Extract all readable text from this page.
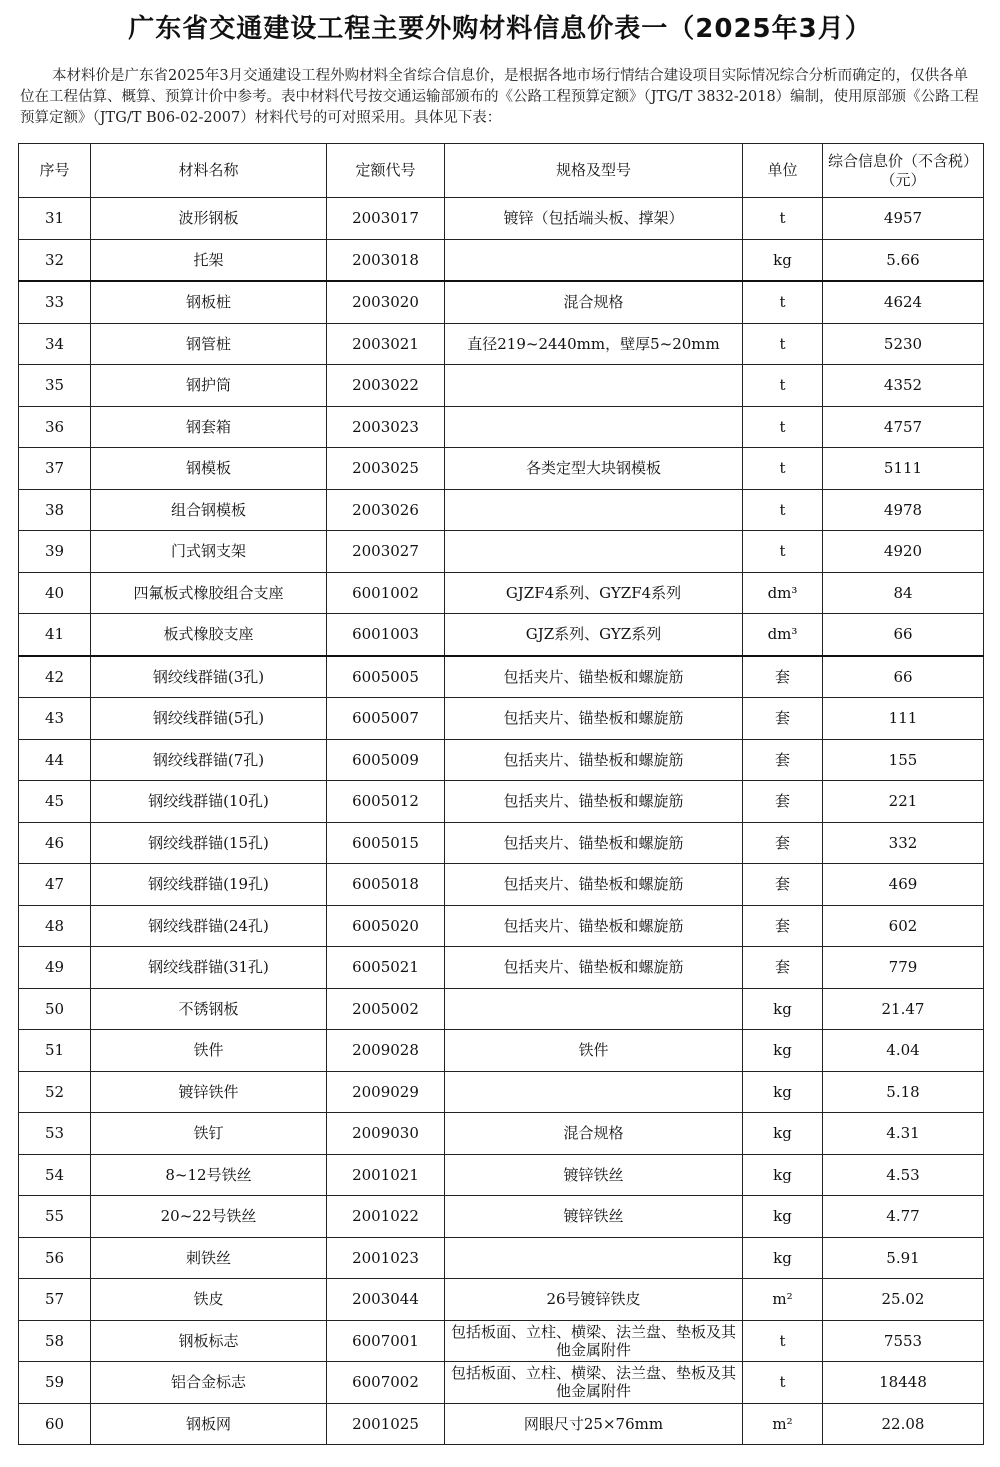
广东省交通建设工程主要外购材料信息价表一（2025年3月）
本材料价是广东省2025年3月交通建设工程外购材料全省综合信息价，是根据各地市场行情结合建设项目实际情况综合分析而确定的，仅供各单位在工程估算、概算、预算计价中参考。表中材料代号按交通运输部颁布的《公路工程预算定额》（JTG/T 3832-2018）编制，使用原部颁《公路工程预算定额》（JTG/T B06-02-2007）材料代号的可对照采用。具体见下表：
序号	材料名称	定额代号	规格及型号	单位	综合信息价（不含税）（元）
31	波形钢板	2003017	镀锌（包括端头板、撑架）	t	4957
32	托架	2003018		kg	5.66
33	钢板桩	2003020	混合规格	t	4624
34	钢管桩	2003021	直径219~2440mm，壁厚5~20mm	t	5230
35	钢护筒	2003022		t	4352
36	钢套箱	2003023		t	4757
37	钢模板	2003025	各类定型大块钢模板	t	5111
38	组合钢模板	2003026		t	4978
39	门式钢支架	2003027		t	4920
40	四氟板式橡胶组合支座	6001002	GJZF4系列、GYZF4系列	dm³	84
41	板式橡胶支座	6001003	GJZ系列、GYZ系列	dm³	66
42	钢绞线群锚(3孔)	6005005	包括夹片、锚垫板和螺旋筋	套	66
43	钢绞线群锚(5孔)	6005007	包括夹片、锚垫板和螺旋筋	套	111
44	钢绞线群锚(7孔)	6005009	包括夹片、锚垫板和螺旋筋	套	155
45	钢绞线群锚(10孔)	6005012	包括夹片、锚垫板和螺旋筋	套	221
46	钢绞线群锚(15孔)	6005015	包括夹片、锚垫板和螺旋筋	套	332
47	钢绞线群锚(19孔)	6005018	包括夹片、锚垫板和螺旋筋	套	469
48	钢绞线群锚(24孔)	6005020	包括夹片、锚垫板和螺旋筋	套	602
49	钢绞线群锚(31孔)	6005021	包括夹片、锚垫板和螺旋筋	套	779
50	不锈钢板	2005002		kg	21.47
51	铁件	2009028	铁件	kg	4.04
52	镀锌铁件	2009029		kg	5.18
53	铁钉	2009030	混合规格	kg	4.31
54	8~12号铁丝	2001021	镀锌铁丝	kg	4.53
55	20~22号铁丝	2001022	镀锌铁丝	kg	4.77
56	刺铁丝	2001023		kg	5.91
57	铁皮	2003044	26号镀锌铁皮	m²	25.02
58	钢板标志	6007001	包括板面、立柱、横梁、法兰盘、垫板及其他金属附件	t	7553
59	铝合金标志	6007002	包括板面、立柱、横梁、法兰盘、垫板及其他金属附件	t	18448
60	钢板网	2001025	网眼尺寸25×76mm	m²	22.08
